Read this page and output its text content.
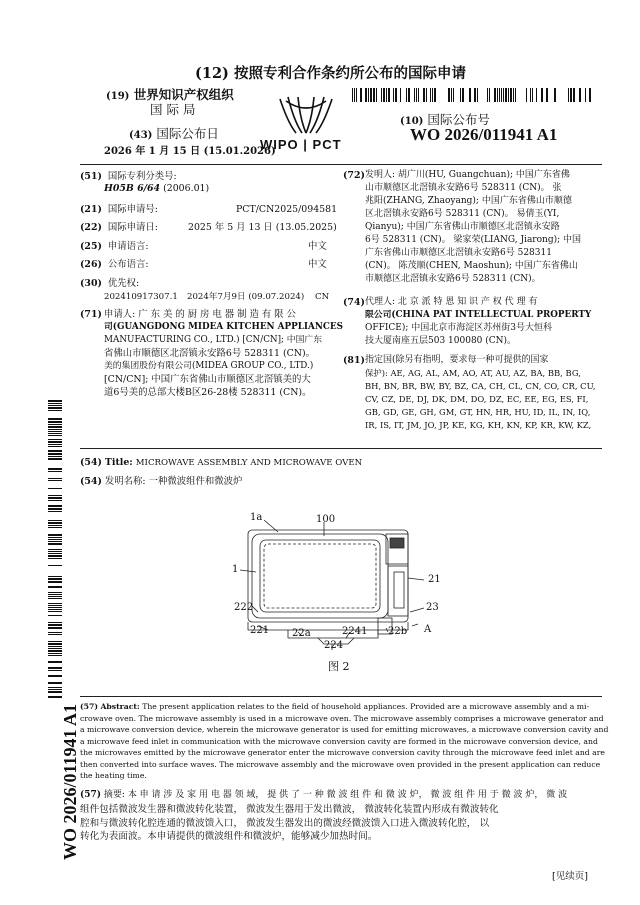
(12) 按照专利合作条约所公布的国际申请
(19) 世界知识产权组织
国 际 局
(43) 国际公布日
2026 年 1 月 15 日 (15.01.2026)
WIPO | PCT
(10) 国际公布号
WO 2026/011941 A1
(51) 国际专利分类号:
H05B 6/64 (2006.01)
(21) 国际申请号:	PCT/CN2025/094581
(22) 国际申请日:	2025 年 5 月 13 日 (13.05.2025)
(25) 申请语言:	中文
(26) 公布语言:	中文
(30) 优先权:
202410917307.1 2024年7月9日 (09.07.2024) CN
(71) 申请人: 广 东 美 的 厨 房 电 器 制 造 有 限 公
司(GUANGDONG MIDEA KITCHEN APPLIANCES
MANUFACTURING CO., LTD.) [CN/CN]; 中国广东
省佛山市顺德区北滘镇永安路6号 528311 (CN)。
美的集团股份有限公司(MIDEA GROUP CO., LTD.)
[CN/CN]; 中国广东省佛山市顺德区北滘镇美的大
道6号美的总部大楼B区26-28楼 528311 (CN)。
(72) 发明人: 胡广川(HU, Guangchuan); 中国广东省佛
山市顺德区北滘镇永安路6号 528311 (CN)。 张
兆阳(ZHANG, Zhaoyang); 中国广东省佛山市顺德
区北滘镇永安路6号 528311 (CN)。 易倩玉(YI,
Qianyu); 中国广东省佛山市顺德区北滘镇永安路
6号 528311 (CN)。 梁家荣(LIANG, Jiarong); 中国
广东省佛山市顺德区北滘镇永安路6号 528311
(CN)。 陈茂顺(CHEN, Maoshun); 中国广东省佛山
市顺德区北滘镇永安路6号 528311 (CN)。
(74) 代理人: 北 京 派 特 恩 知 识 产 权 代 理 有
限公司(CHINA PAT INTELLECTUAL PROPERTY
OFFICE); 中国北京市海淀区苏州街3号大恒科
技大厦南座五层503 100080 (CN)。
(81) 指定国(除另有指明，要求每一种可提供的国家
保护): AE, AG, AL, AM, AO, AT, AU, AZ, BA, BB, BG,
BH, BN, BR, BW, BY, BZ, CA, CH, CL, CN, CO, CR, CU,
CV, CZ, DE, DJ, DK, DM, DO, DZ, EC, EE, EG, ES, FI,
GB, GD, GE, GH, GM, GT, HN, HR, HU, ID, IL, IN, IQ,
IR, IS, IT, JM, JO, JP, KE, KG, KH, KN, KP, KR, KW, KZ,
(54) Title: MICROWAVE ASSEMBLY AND MICROWAVE OVEN
(54) 发明名称: 一种微波组件和微波炉
1a	100
1
21
222	23
221 22a	2241 22b A
224
图 2
(57) Abstract: The present application relates to the field of household appliances. Provided are a microwave assembly and a mi-
crowave oven. The microwave assembly is used in a microwave oven. The microwave assembly comprises a microwave generator and
a microwave conversion device, wherein the microwave generator is used for emitting microwaves, a microwave conversion cavity and
a microwave feed inlet in communication with the microwave conversion cavity are formed in the microwave conversion device, and
the microwaves emitted by the microwave generator enter the microwave conversion cavity through the microwave feed inlet and are
then converted into surface waves. The microwave assembly and the microwave oven provided in the present application can reduce
the heating time.
(57) 摘要: 本 申 请 涉 及 家 用 电 器 领 域， 提 供 了 一 种 微 波 组 件 和 微 波 炉， 微 波 组 件 用 于 微 波 炉， 微 波
组件包括微波发生器和微波转化装置， 微波发生器用于发出微波， 微波转化装置内形成有微波转化
腔和与微波转化腔连通的微波馈入口， 微波发生器发出的微波经微波馈入口进入微波转化腔， 以
转化为表面波。本申请提供的微波组件和微波炉，能够减少加热时间。
[见续页]
WO 2026/011941 A1
